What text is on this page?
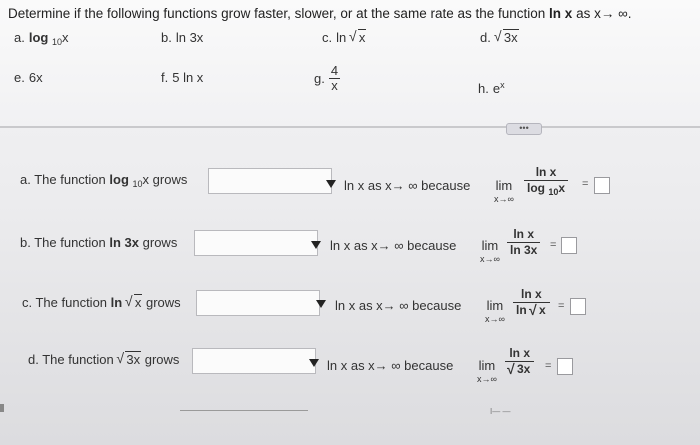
Determine if the following functions grow faster, slower, or at the same rate as the function ln x as x→ ∞.
a. log $_{10}$x	b. ln 3x	c. ln √ x	d. √ 3x
e. 6x	f. 5 ln x	g. $\frac{4}{x}$	h. $e^x$
•••
a. The function log $_{10}$x grows	ln x as x→ ∞ because lim
x→∞
$\frac{\text{ln x}}{\log _{10}x}$ =
b. The function ln 3x grows	ln x as x→ ∞ because lim
x→∞
$\frac{\text{ln x}}{\ln 3x}$ =
c. The function ln √ x grows	ln x as x→ ∞ because lim
x→∞
$\frac{\text{ln x}}{\ln √ x}$ =
d. The function √ 3x grows	ln x as x→ ∞ because lim
x→∞
ln x
√ 3x =
I— —
